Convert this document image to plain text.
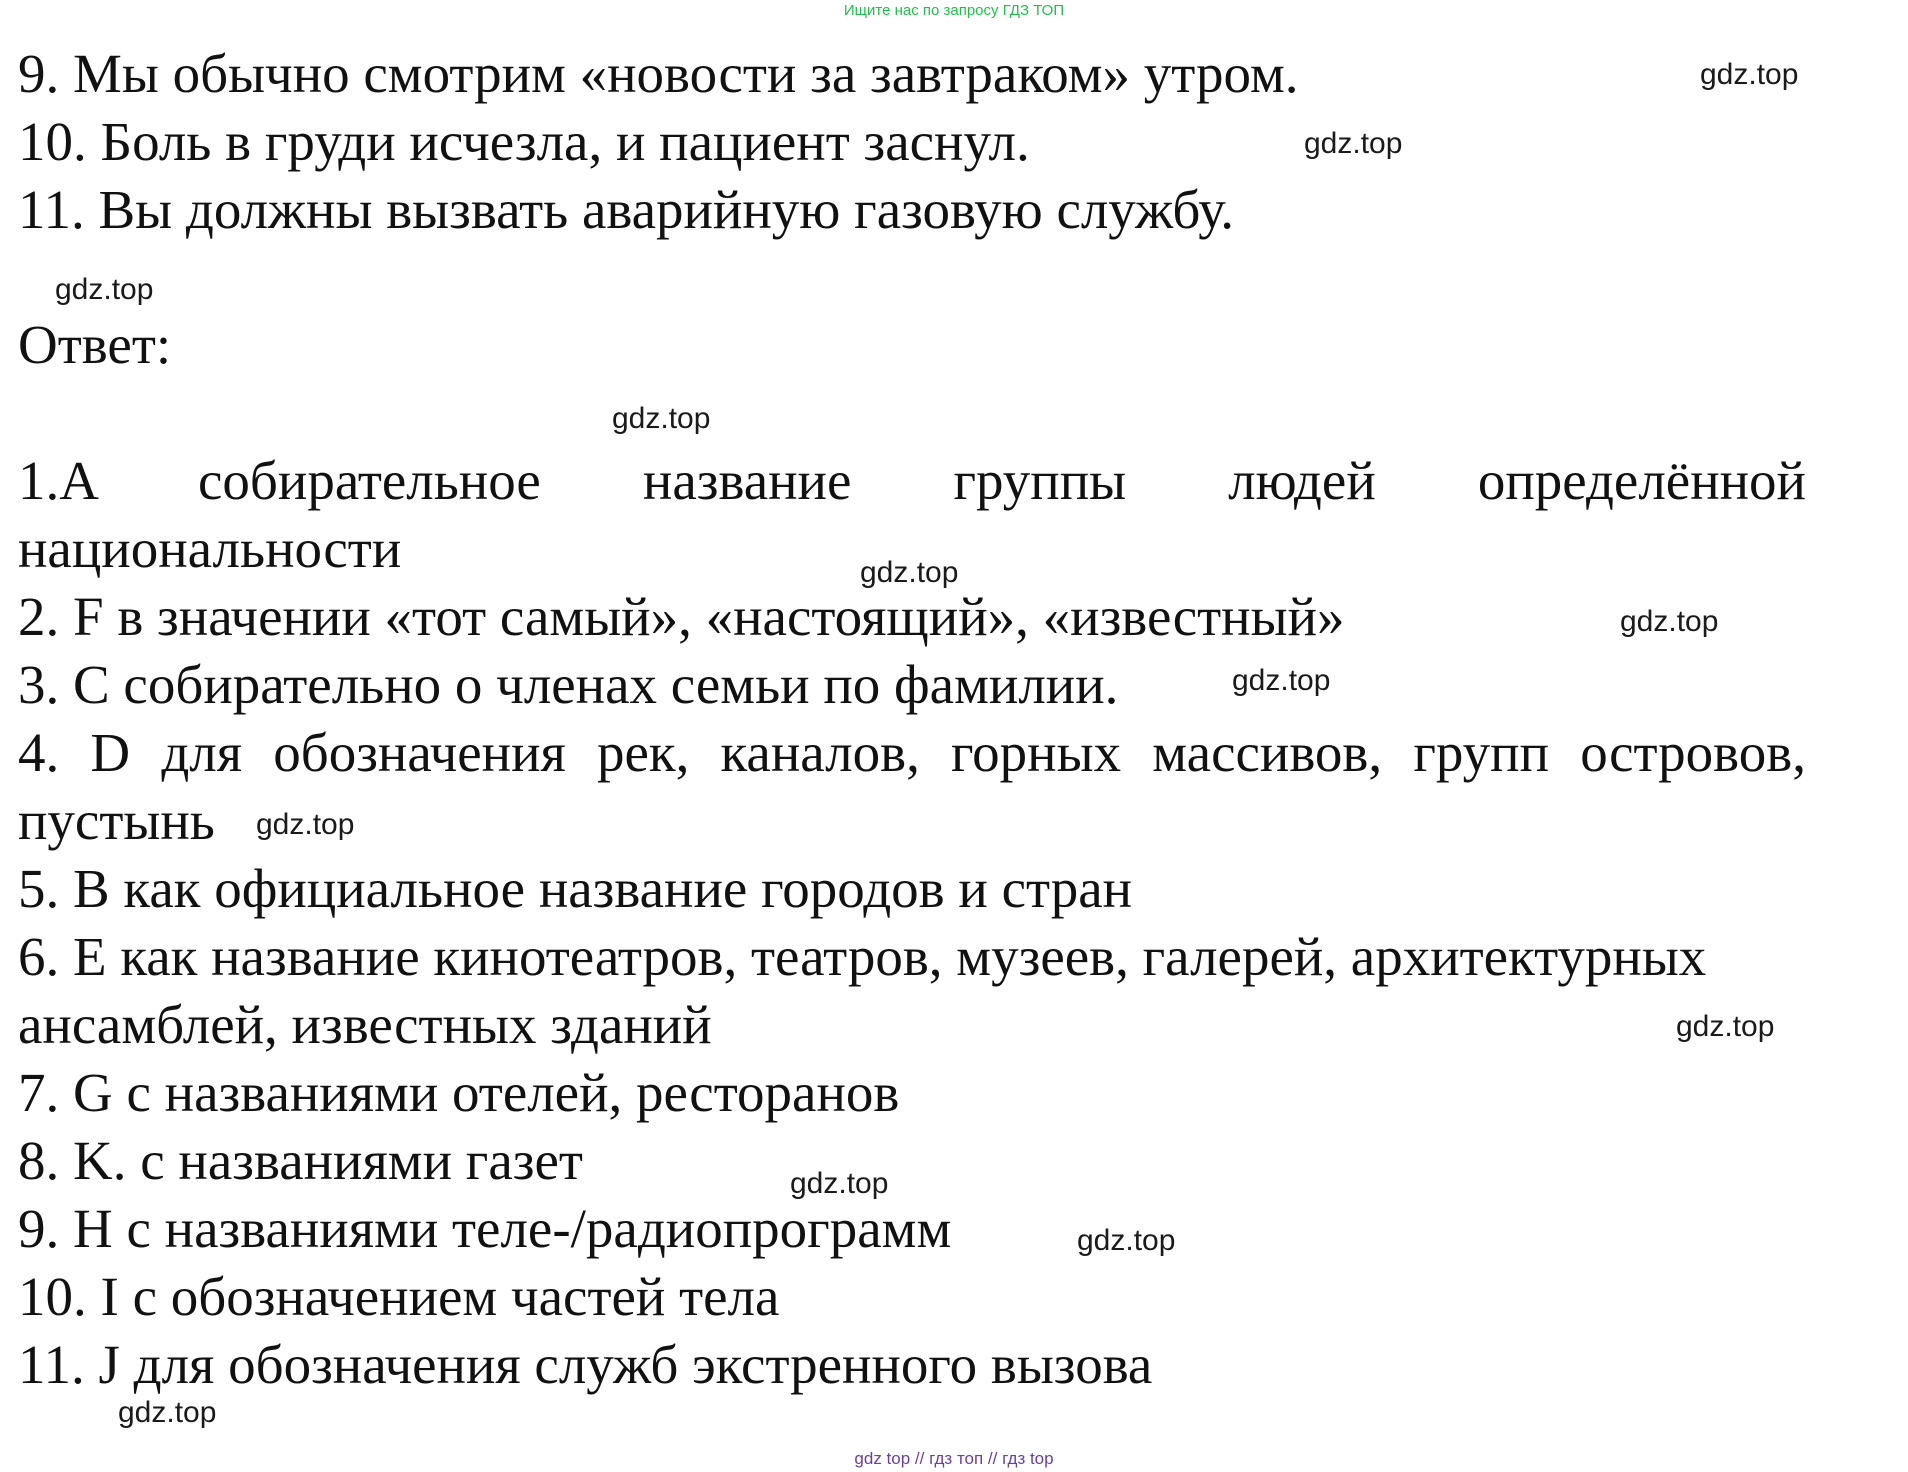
Ищите нас по запросу ГДЗ ТОП
9. Мы обычно смотрим «новости за завтраком» утром.
10. Боль в груди исчезла, и пациент заснул.
11. Вы должны вызвать аварийную газовую службу.
Ответ:
1.A собирательное название группы людей определённой
национальности
2. F в значении «тот самый», «настоящий», «известный»
3. C собирательно о членах семьи по фамилии.
4. D для обозначения рек, каналов, горных массивов, групп островов,
пустынь
5. B как официальное название городов и стран
6. E как название кинотеатров, театров, музеев, галерей, архитектурных
ансамблей, известных зданий
7. G с названиями отелей, ресторанов
8. K. с названиями газет
9. H с названиями теле-/радиопрограмм
10. I с обозначением частей тела
11. J для обозначения служб экстренного вызова
gdz.top
gdz.top
gdz.top
gdz.top
gdz.top
gdz.top
gdz.top
gdz.top
gdz.top
gdz.top
gdz.top
gdz.top
gdz top // гдз топ // гдз top
